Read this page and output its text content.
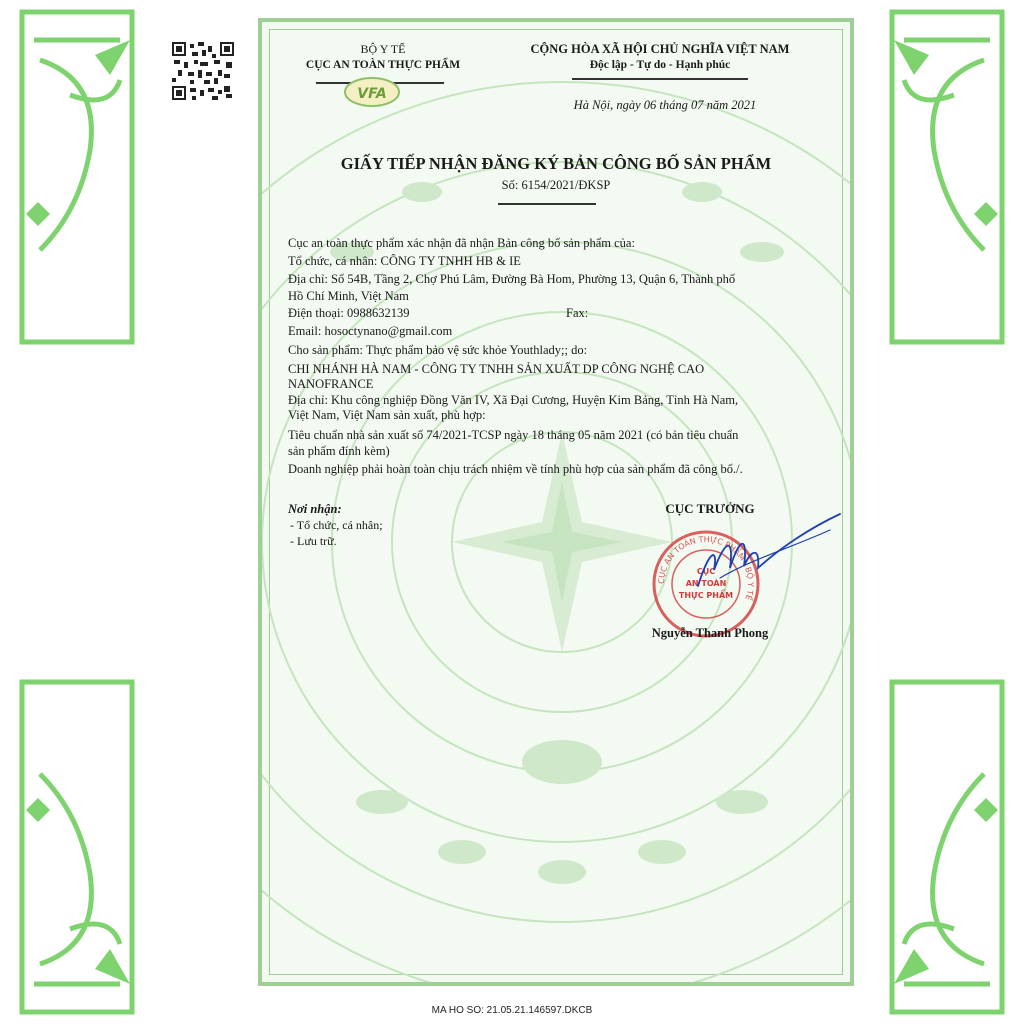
BỘ Y TẾ
CỤC AN TOÀN THỰC PHẨM
VFA
CỘNG HÒA XÃ HỘI CHỦ NGHĨA VIỆT NAM
Độc lập - Tự do - Hạnh phúc
Hà Nội, ngày 06 tháng 07 năm 2021
GIẤY TIẾP NHẬN ĐĂNG KÝ BẢN CÔNG BỐ SẢN PHẨM
Số: 6154/2021/ĐKSP
Cục an toàn thực phẩm xác nhận đã nhận Bản công bố sản phẩm của:
Tổ chức, cá nhân: CÔNG TY TNHH HB & IE
Địa chỉ: Số 54B, Tầng 2, Chợ Phú Lâm, Đường Bà Hom, Phường 13, Quận 6, Thành phố
Hồ Chí Minh, Việt Nam
Điện thoại: 0988632139	Fax:
Email: hosoctynano@gmail.com
Cho sản phẩm: Thực phẩm bảo vệ sức khỏe Youthlady;; do:
CHI NHÁNH HÀ NAM - CÔNG TY TNHH SẢN XUẤT DP CÔNG NGHỆ CAO
NANOFRANCE
Địa chỉ: Khu công nghiệp Đồng Văn IV, Xã Đại Cương, Huyện Kim Bảng, Tỉnh Hà Nam,
Việt Nam, Việt Nam sản xuất, phù hợp:
Tiêu chuẩn nhà sản xuất số 74/2021-TCSP ngày 18 tháng 05 năm 2021 (có bản tiêu chuẩn
sản phẩm đính kèm)
Doanh nghiệp phải hoàn toàn chịu trách nhiệm về tính phù hợp của sản phẩm đã công bố./.
Nơi nhận:
- Tổ chức, cá nhân;
- Lưu trữ.
CỤC TRƯỞNG
CỤC AN TOÀN THỰC PHẨM · BỘ Y TẾ
CỤC
AN TOÀN
THỰC PHẨM
Nguyễn Thanh Phong
MA HO SO: 21.05.21.146597.DKCB
